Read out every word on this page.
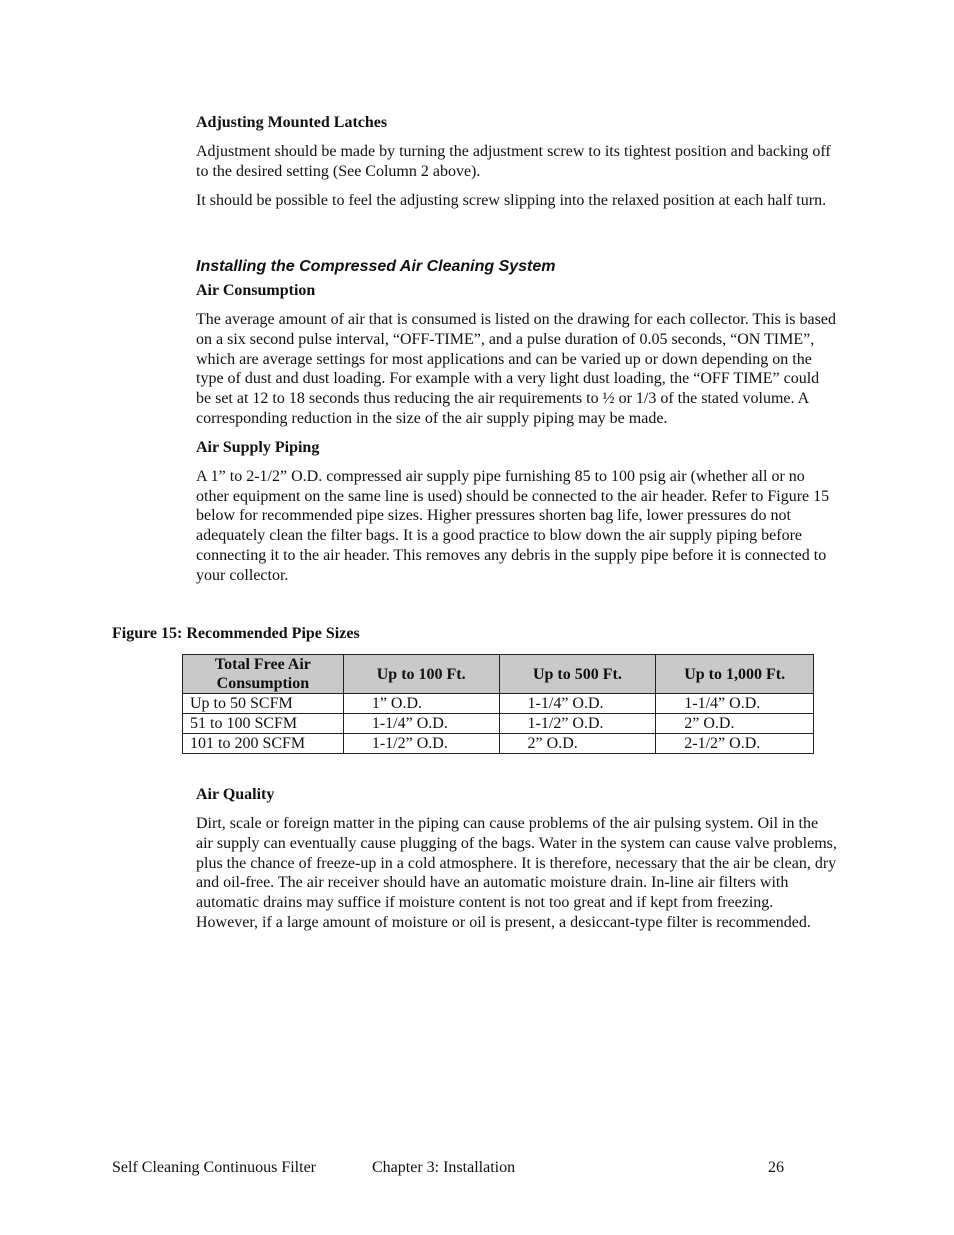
Adjusting Mounted Latches

Adjustment should be made by turning the adjustment screw to its tightest position and backing off to the desired setting (See Column 2 above).

It should be possible to feel the adjusting screw slipping into the relaxed position at each half turn.

Installing the Compressed Air Cleaning System

Air Consumption

The average amount of air that is consumed is listed on the drawing for each collector. This is based on a six second pulse interval, “OFF-TIME”, and a pulse duration of 0.05 seconds, “ON TIME”, which are average settings for most applications and can be varied up or down depending on the type of dust and dust loading. For example with a very light dust loading, the “OFF TIME” could be set at 12 to 18 seconds thus reducing the air requirements to ½ or 1/3 of the stated volume. A corresponding reduction in the size of the air supply piping may be made.

Air Supply Piping

A 1” to 2-1/2” O.D. compressed air supply pipe furnishing 85 to 100 psig air (whether all or no other equipment on the same line is used) should be connected to the air header. Refer to Figure 15 below for recommended pipe sizes. Higher pressures shorten bag life, lower pressures do not adequately clean the filter bags. It is a good practice to blow down the air supply piping before connecting it to the air header. This removes any debris in the supply pipe before it is connected to your collector.

Figure 15: Recommended Pipe Sizes
Total Free Air Consumption	Up to 100 Ft.	Up to 500 Ft.	Up to 1,000 Ft.
Up to 50 SCFM	1” O.D.	1-1/4” O.D.	1-1/4” O.D.
51 to 100 SCFM	1-1/4” O.D.	1-1/2” O.D.	2” O.D.
101 to 200 SCFM	1-1/2” O.D.	2” O.D.	2-1/2” O.D.

Air Quality

Dirt, scale or foreign matter in the piping can cause problems of the air pulsing system. Oil in the air supply can eventually cause plugging of the bags. Water in the system can cause valve problems, plus the chance of freeze-up in a cold atmosphere. It is therefore, necessary that the air be clean, dry and oil-free. The air receiver should have an automatic moisture drain. In-line air filters with automatic drains may suffice if moisture content is not too great and if kept from freezing. However, if a large amount of moisture or oil is present, a desiccant-type filter is recommended.

Self Cleaning Continuous Filter	Chapter 3: Installation	26
